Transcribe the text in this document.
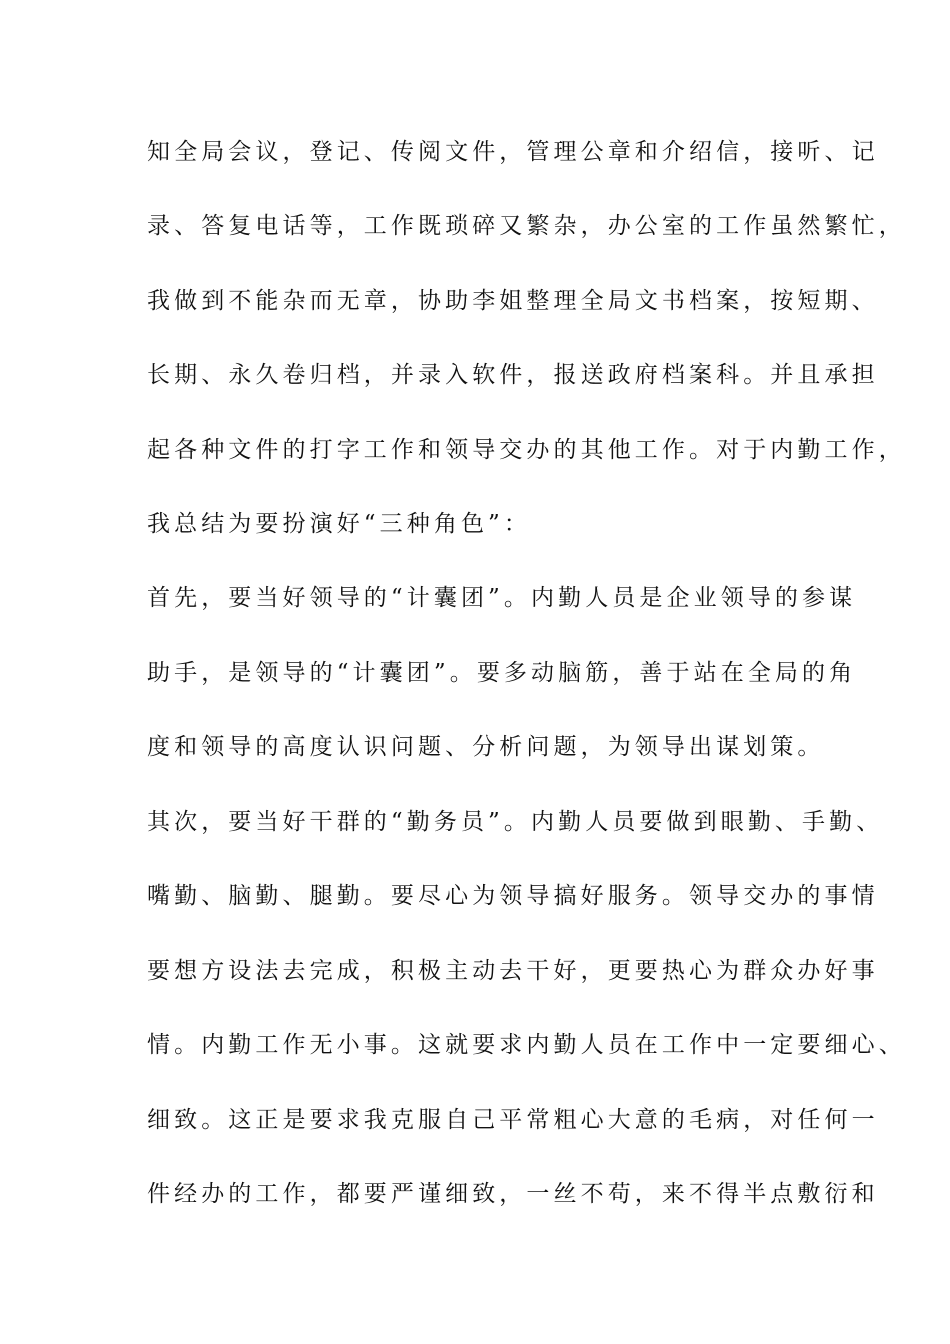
知全局会议，登记、传阅文件，管理公章和介绍信，接听、记
录、答复电话等，工作既琐碎又繁杂，办公室的工作虽然繁忙，
我做到不能杂而无章，协助李姐整理全局文书档案，按短期、
长期、永久卷归档，并录入软件，报送政府档案科。并且承担
起各种文件的打字工作和领导交办的其他工作。对于内勤工作，
我总结为要扮演好“三种角色”：
首先，要当好领导的“计囊团”。内勤人员是企业领导的参谋
助手，是领导的“计囊团”。要多动脑筋，善于站在全局的角
度和领导的高度认识问题、分析问题，为领导出谋划策。
其次，要当好干群的“勤务员”。内勤人员要做到眼勤、手勤、
嘴勤、脑勤、腿勤。要尽心为领导搞好服务。领导交办的事情
要想方设法去完成，积极主动去干好，更要热心为群众办好事
情。内勤工作无小事。这就要求内勤人员在工作中一定要细心、
细致。这正是要求我克服自己平常粗心大意的毛病，对任何一
件经办的工作，都要严谨细致，一丝不苟，来不得半点敷衍和
